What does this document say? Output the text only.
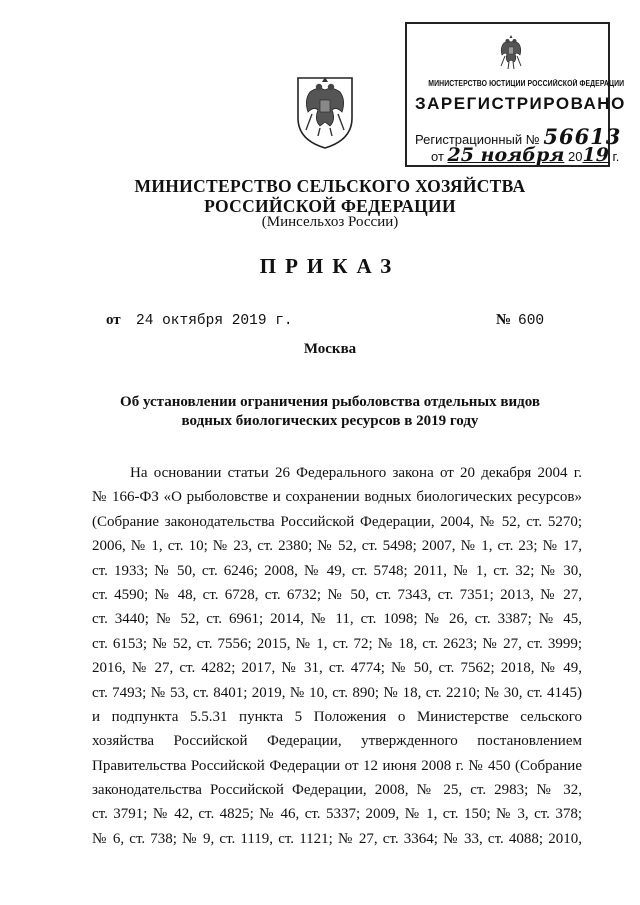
МИНИСТЕРСТВО ЮСТИЦИИ РОССИЙСКОЙ ФЕДЕРАЦИИ
ЗАРЕГИСТРИРОВАНО
Регистрационный № 56613
от 25 ноября 2019 г.
МИНИСТЕРСТВО СЕЛЬСКОГО ХОЗЯЙСТВА
РОССИЙСКОЙ ФЕДЕРАЦИИ
(Минсельхоз России)
ПРИКАЗ
от 24 октября 2019 г.	№ 600
Москва
Об установлении ограничения рыболовства отдельных видов
водных биологических ресурсов в 2019 году
На основании статьи 26 Федерального закона от 20 декабря 2004 г.
№ 166-ФЗ «О рыболовстве и сохранении водных биологических ресурсов»
(Собрание законодательства Российской Федерации, 2004, № 52, ст. 5270;
2006, № 1, ст. 10; № 23, ст. 2380; № 52, ст. 5498; 2007, № 1, ст. 23; № 17,
ст. 1933; № 50, ст. 6246; 2008, № 49, ст. 5748; 2011, № 1, ст. 32; № 30,
ст. 4590; № 48, ст. 6728, ст. 6732; № 50, ст. 7343, ст. 7351; 2013, № 27,
ст. 3440; № 52, ст. 6961; 2014, № 11, ст. 1098; № 26, ст. 3387; № 45,
ст. 6153; № 52, ст. 7556; 2015, № 1, ст. 72; № 18, ст. 2623; № 27, ст. 3999;
2016, № 27, ст. 4282; 2017, № 31, ст. 4774; № 50, ст. 7562; 2018, № 49,
ст. 7493; № 53, ст. 8401; 2019, № 10, ст. 890; № 18, ст. 2210; № 30, ст. 4145)
и подпункта 5.5.31 пункта 5 Положения о Министерстве сельского
хозяйства Российской Федерации, утвержденного постановлением
Правительства Российской Федерации от 12 июня 2008 г. № 450 (Собрание
законодательства Российской Федерации, 2008, № 25, ст. 2983; № 32,
ст. 3791; № 42, ст. 4825; № 46, ст. 5337; 2009, № 1, ст. 150; № 3, ст. 378;
№ 6, ст. 738; № 9, ст. 1119, ст. 1121; № 27, ст. 3364; № 33, ст. 4088; 2010,
